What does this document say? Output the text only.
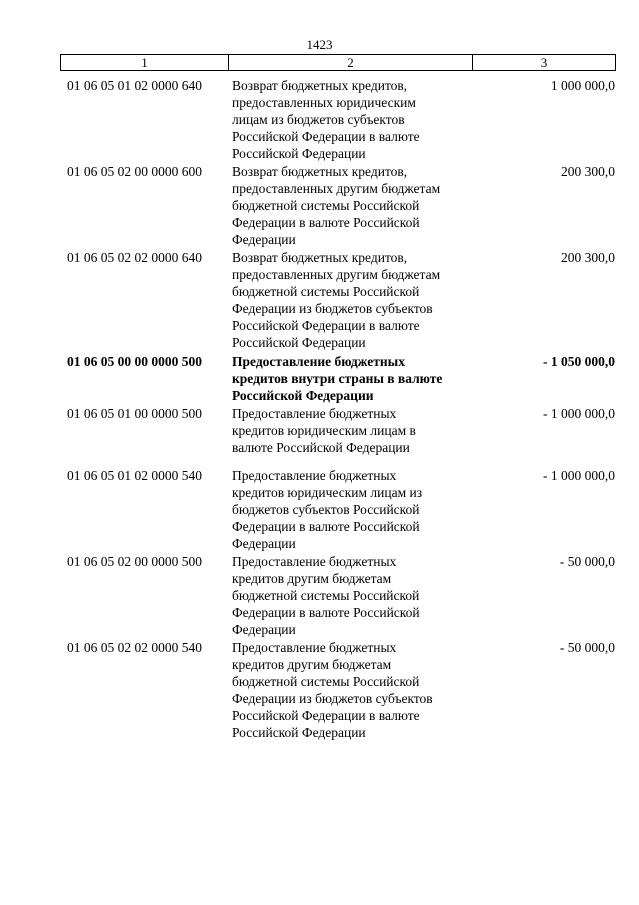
1423
1	2	3
01 06 05 01 02 0000 640	Возврат бюджетных кредитов,
предоставленных юридическим
лицам из бюджетов субъектов
Российской Федерации в валюте
Российской Федерации
1 000 000,0
01 06 05 02 00 0000 600	Возврат бюджетных кредитов,
предоставленных другим бюджетам
бюджетной системы Российской
Федерации в валюте Российской
Федерации
200 300,0
01 06 05 02 02 0000 640	Возврат бюджетных кредитов,
предоставленных другим бюджетам
бюджетной системы Российской
Федерации из бюджетов субъектов
Российской Федерации в валюте
Российской Федерации
200 300,0
01 06 05 00 00 0000 500	Предоставление бюджетных
кредитов внутри страны в валюте
Российской Федерации
- 1 050 000,0
01 06 05 01 00 0000 500	Предоставление бюджетных
кредитов юридическим лицам в
валюте Российской Федерации
- 1 000 000,0
01 06 05 01 02 0000 540	Предоставление бюджетных
кредитов юридическим лицам из
бюджетов субъектов Российской
Федерации в валюте Российской
Федерации
- 1 000 000,0
01 06 05 02 00 0000 500	Предоставление бюджетных
кредитов другим бюджетам
бюджетной системы Российской
Федерации в валюте Российской
Федерации
- 50 000,0
01 06 05 02 02 0000 540	Предоставление бюджетных
кредитов другим бюджетам
бюджетной системы Российской
Федерации из бюджетов субъектов
Российской Федерации в валюте
Российской Федерации
- 50 000,0
